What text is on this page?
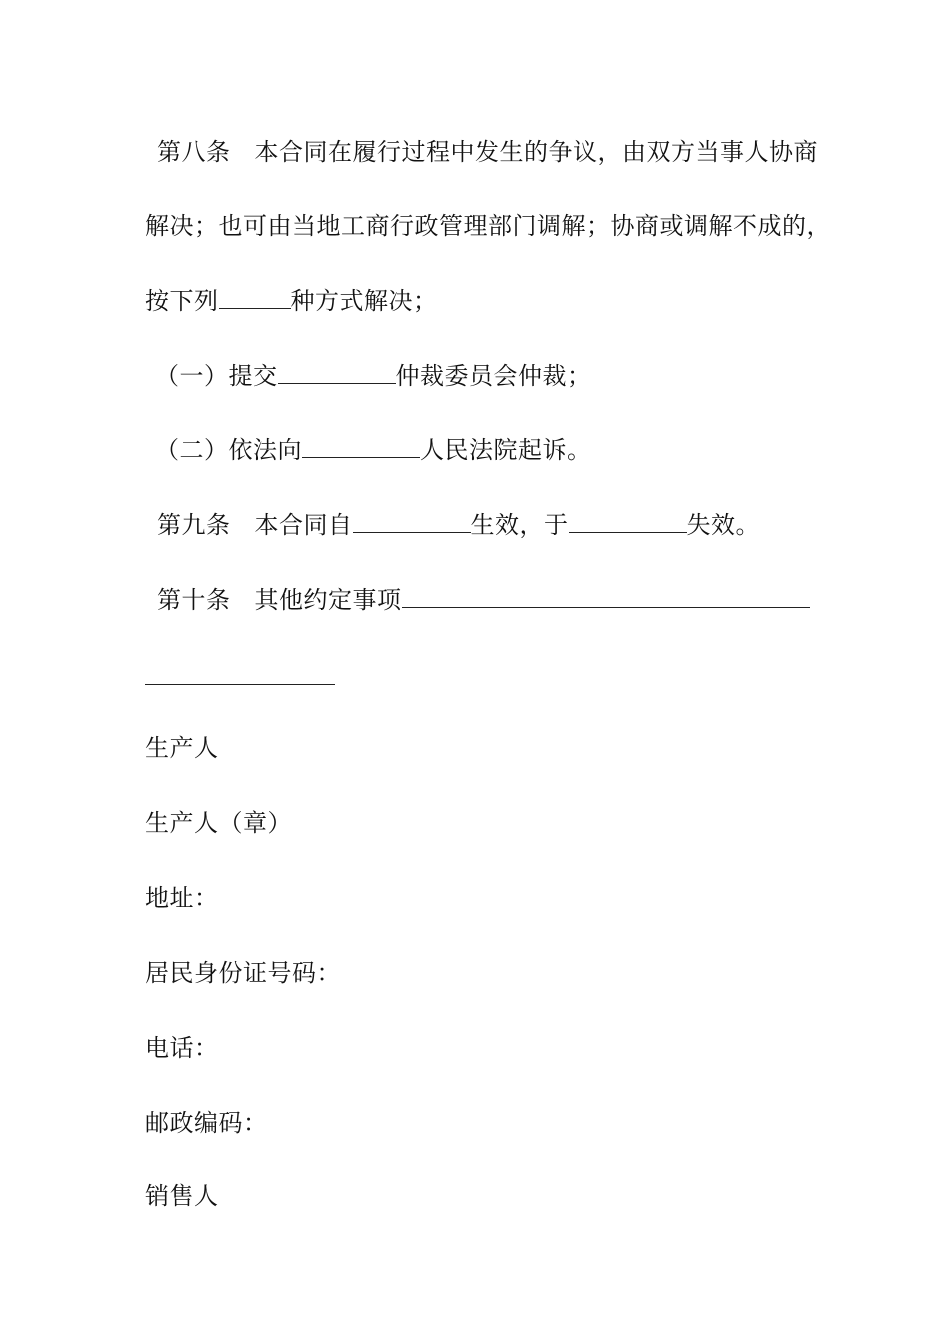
第八条 本合同在履行过程中发生的争议，由双方当事人协商
解决；也可由当地工商行政管理部门调解；协商或调解不成的，
按下列	种方式解决；
（一）提交	仲裁委员会仲裁；
（二）依法向	人民法院起诉。
第九条 本合同自	生效，于	失效。
第十条 其他约定事项
生产人
生产人（章）
地址：
居民身份证号码：
电话：
邮政编码：
销售人
